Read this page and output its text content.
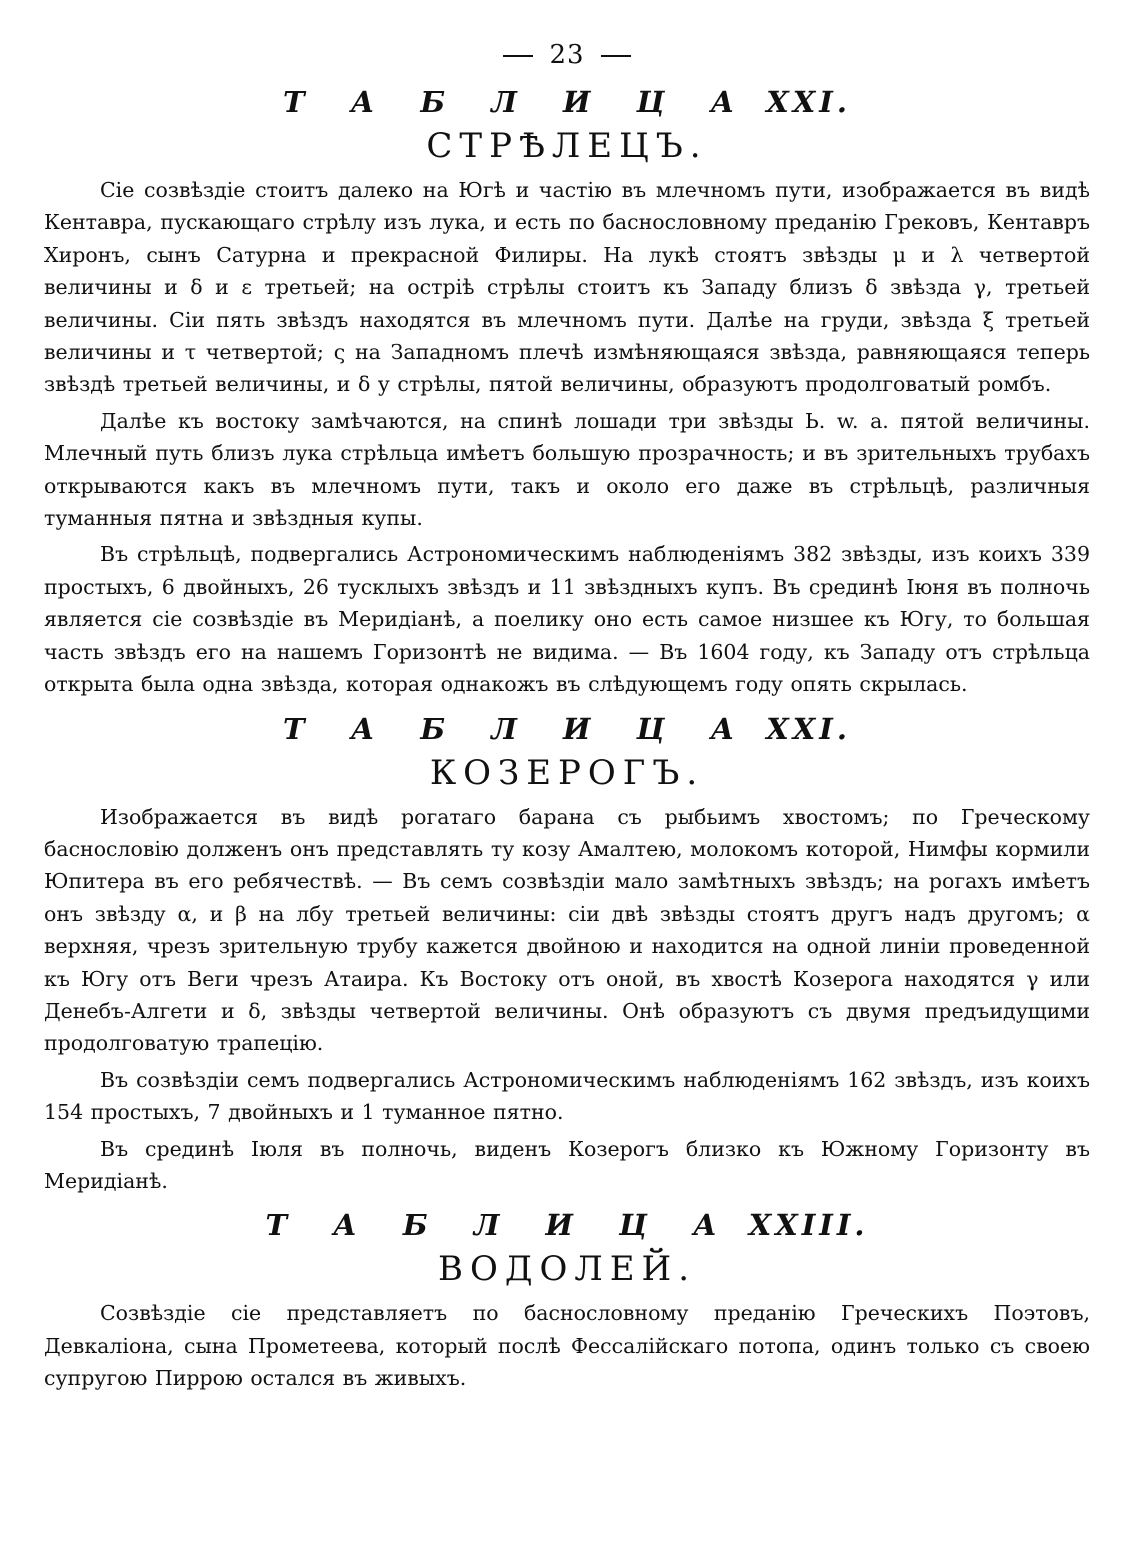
23
Т А Б Л И Ц А XXI.
СТРѢЛЕЦЪ.

Сіе созвѣздіе стоитъ далеко на Югѣ и частію въ млечномъ пути, изображается въ видѣ Кентавра, пускающаго стрѣлу изъ лука, и есть по баснословному преданію Грековъ, Кентавръ Хиронъ, сынъ Сатурна и прекрасной Филиры. На лукѣ стоятъ звѣзды μ и λ четвертой величины и δ и ε третьей; на острiѣ стрѣлы стоитъ къ Западу близъ δ звѣзда γ, третьей величины. Сіи пять звѣздъ находятся въ млечномъ пути. Далѣе на груди, звѣзда ξ третьей величины и τ четвертой; ς на Западномъ плечѣ измѣняющаяся звѣзда, равняющаяся теперь звѣздѣ третьей величины, и δ у стрѣлы, пятой величины, образуютъ продолговатый ромбъ.

Далѣе къ востоку замѣчаются, на спинѣ лошади три звѣзды Ь. w. a. пятой величины. Млечный путь близъ лука стрѣльца имѣетъ большую прозрачность; и въ зрительныхъ трубахъ открываются какъ въ млечномъ пути, такъ и около его даже въ стрѣльцѣ, различныя туманныя пятна и звѣздныя купы.

Въ стрѣльцѣ, подвергались Астрономическимъ наблюденіямъ 382 звѣзды, изъ коихъ 339 простыхъ, 6 двойныхъ, 26 тусклыхъ звѣздъ и 11 звѣздныхъ купъ. Въ срединѣ Іюня въ полночь является сіе созвѣздіе въ Меридіанѣ, а поелику оно есть самое низшее къ Югу, то большая часть звѣздъ его на нашемъ Горизонтѣ не видима. — Въ 1604 году, къ Западу отъ стрѣльца открыта была одна звѣзда, которая однакожъ въ слѣдующемъ году опять скрылась.

Т А Б Л И Ц А XXI.
КОЗЕРОГЪ.

Изображается въ видѣ рогатаго барана съ рыбьимъ хвостомъ; по Греческому баснословію долженъ онъ представлять ту козу Амалтею, молокомъ которой, Нимфы кормили Юпитера въ его ребячествѣ. — Въ семъ созвѣздіи мало замѣтныхъ звѣздъ; на рогахъ имѣетъ онъ звѣзду α, и β на лбу третьей величины: сіи двѣ звѣзды стоятъ другъ надъ другомъ; α верхняя, чрезъ зрительную трубу кажется двойною и находится на одной линіи проведенной къ Югу отъ Веги чрезъ Атаира. Къ Востоку отъ оной, въ хвостѣ Козерога находятся γ или Денебъ-Алгети и δ, звѣзды четвертой величины. Онѣ образуютъ съ двумя предъидущими продолговатую трапецію.

Въ созвѣздіи семъ подвергались Астрономическимъ наблюденіямъ 162 звѣздъ, изъ коихъ 154 простыхъ, 7 двойныхъ и 1 туманное пятно.

Въ срединѣ Іюля въ полночь, виденъ Козерогъ близко къ Южному Горизонту въ Меридіанѣ.

Т А Б Л И Ц А XXIII.
ВОДОЛЕЙ.

Созвѣздіе сіе представляетъ по баснословному преданію Греческихъ Поэтовъ, Девкаліона, сына Прометеева, который послѣ Фессалійскаго потопа, одинъ только съ своею супругою Пиррою остался въ живыхъ.
